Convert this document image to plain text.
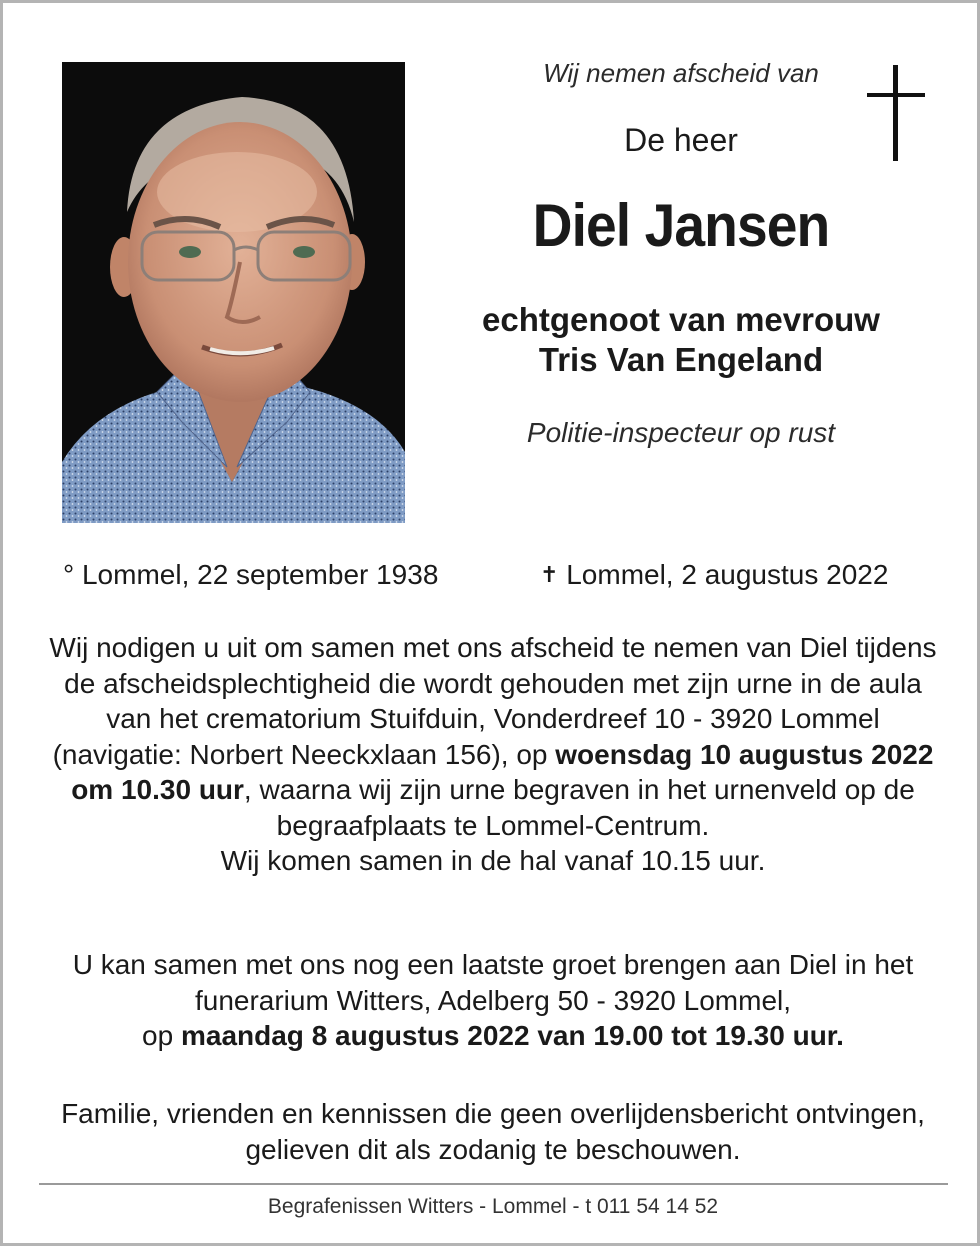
Wij nemen afscheid van
De heer
Diel Jansen
echtgenoot van mevrouw
Tris Van Engeland
Politie-inspecteur op rust
° Lommel, 22 september 1938	✝ Lommel, 2 augustus 2022
Wij nodigen u uit om samen met ons afscheid te nemen van Diel tijdens de afscheidsplechtigheid die wordt gehouden met zijn urne in de aula van het crematorium Stuifduin, Vonderdreef 10 - 3920 Lommel (navigatie: Norbert Neeckxlaan 156), op woensdag 10 augustus 2022 om 10.30 uur, waarna wij zijn urne begraven in het urnenveld op de begraafplaats te Lommel-Centrum.
Wij komen samen in de hal vanaf 10.15 uur.
U kan samen met ons nog een laatste groet brengen aan Diel in het funerarium Witters, Adelberg 50 - 3920 Lommel,
op maandag 8 augustus 2022 van 19.00 tot 19.30 uur.
Familie, vrienden en kennissen die geen overlijdensbericht ontvingen, gelieven dit als zodanig te beschouwen.
Begrafenissen Witters - Lommel - t 011 54 14 52
